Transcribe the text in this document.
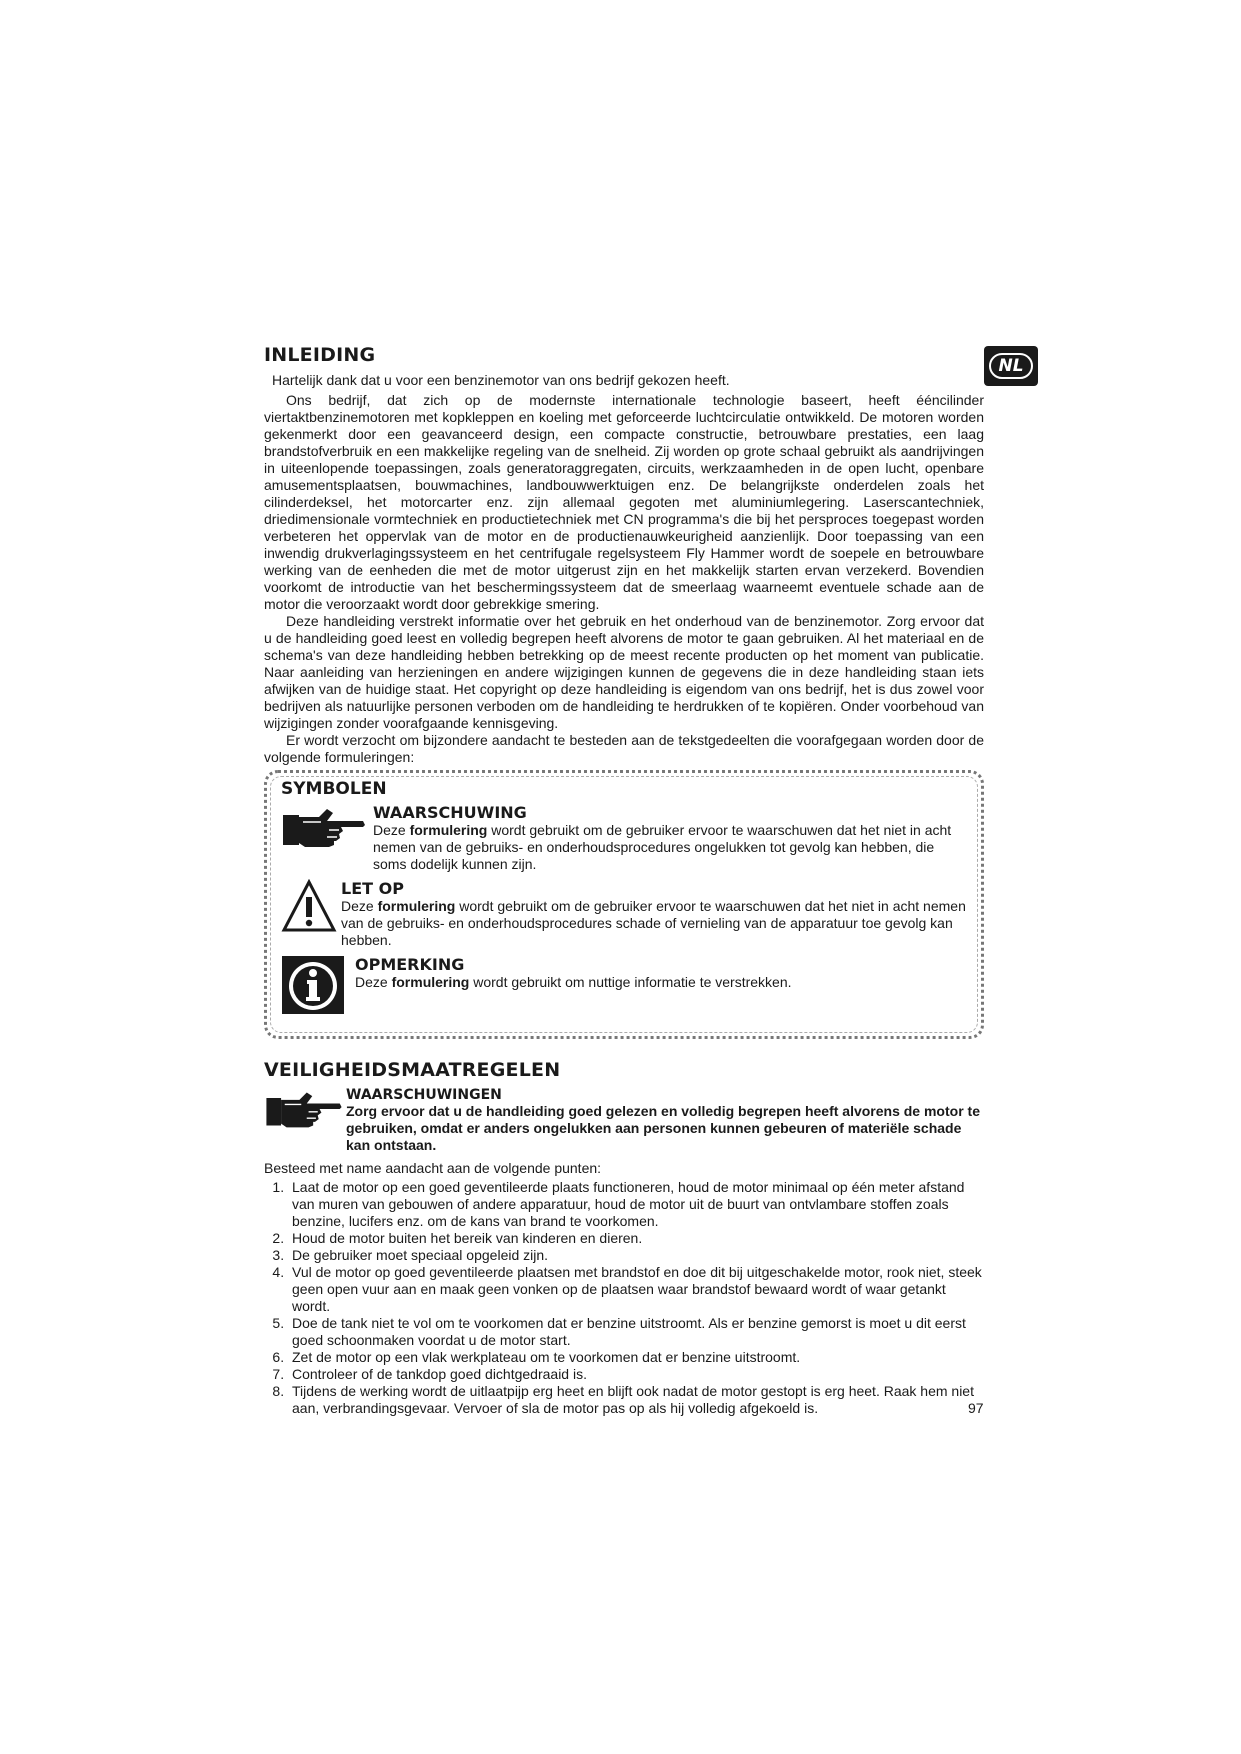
NL
INLEIDING

Hartelijk dank dat u voor een benzinemotor van ons bedrijf gekozen heeft.

Ons bedrijf, dat zich op de modernste internationale technologie baseert, heeft ééncilinder viertaktbenzinemotoren met kopkleppen en koeling met geforceerde luchtcirculatie ontwikkeld. De motoren worden gekenmerkt door een geavanceerd design, een compacte constructie, betrouwbare prestaties, een laag brandstofverbruik en een makkelijke regeling van de snelheid. Zij worden op grote schaal gebruikt als aandrijvingen in uiteenlopende toepassingen, zoals generatoraggregaten, circuits, werkzaamheden in de open lucht, openbare amusementsplaatsen, bouwmachines, landbouwwerktuigen enz. De belangrijkste onderdelen zoals het cilinderdeksel, het motorcarter enz. zijn allemaal gegoten met aluminiumlegering. Laserscantechniek, driedimensionale vormtechniek en productietechniek met CN programma's die bij het persproces toegepast worden verbeteren het oppervlak van de motor en de productienauwkeurigheid aanzienlijk. Door toepassing van een inwendig drukverlagingssysteem en het centrifugale regelsysteem Fly Hammer wordt de soepele en betrouwbare werking van de eenheden die met de motor uitgerust zijn en het makkelijk starten ervan verzekerd. Bovendien voorkomt de introductie van het beschermingssysteem dat de smeerlaag waarneemt eventuele schade aan de motor die veroorzaakt wordt door gebrekkige smering.

Deze handleiding verstrekt informatie over het gebruik en het onderhoud van de benzinemotor. Zorg ervoor dat u de handleiding goed leest en volledig begrepen heeft alvorens de motor te gaan gebruiken. Al het materiaal en de schema's van deze handleiding hebben betrekking op de meest recente producten op het moment van publicatie. Naar aanleiding van herzieningen en andere wijzigingen kunnen de gegevens die in deze handleiding staan iets afwijken van de huidige staat. Het copyright op deze handleiding is eigendom van ons bedrijf, het is dus zowel voor bedrijven als natuurlijke personen verboden om de handleiding te herdrukken of te kopiëren. Onder voorbehoud van wijzigingen zonder voorafgaande kennisgeving.

Er wordt verzocht om bijzondere aandacht te besteden aan de tekstgedeelten die voorafgegaan worden door de volgende formuleringen:

SYMBOLEN
WAARSCHUWING

Deze formulering wordt gebruikt om de gebruiker ervoor te waarschuwen dat het niet in acht nemen van de gebruiks- en onderhoudsprocedures ongelukken tot gevolg kan hebben, die soms dodelijk kunnen zijn.

LET OP

Deze formulering wordt gebruikt om de gebruiker ervoor te waarschuwen dat het niet in acht nemen van de gebruiks- en onderhoudsprocedures schade of vernieling van de apparatuur toe gevolg kan hebben.

OPMERKING

Deze formulering wordt gebruikt om nuttige informatie te verstrekken.

VEILIGHEIDSMAATREGELEN

WAARSCHUWINGEN

Zorg ervoor dat u de handleiding goed gelezen en volledig begrepen heeft alvorens de motor te gebruiken, omdat er anders ongelukken aan personen kunnen gebeuren of materiële schade kan ontstaan.

Besteed met name aandacht aan de volgende punten:

1. Laat de motor op een goed geventileerde plaats functioneren, houd de motor minimaal op één meter afstand van muren van gebouwen of andere apparatuur, houd de motor uit de buurt van ontvlambare stoffen zoals benzine, lucifers enz. om de kans van brand te voorkomen.
2. Houd de motor buiten het bereik van kinderen en dieren.
3. De gebruiker moet speciaal opgeleid zijn.
4. Vul de motor op goed geventileerde plaatsen met brandstof en doe dit bij uitgeschakelde motor, rook niet, steek geen open vuur aan en maak geen vonken op de plaatsen waar brandstof bewaard wordt of waar getankt wordt.
5. Doe de tank niet te vol om te voorkomen dat er benzine uitstroomt. Als er benzine gemorst is moet u dit eerst goed schoonmaken voordat u de motor start.
6. Zet de motor op een vlak werkplateau om te voorkomen dat er benzine uitstroomt.
7. Controleer of de tankdop goed dichtgedraaid is.
8. Tijdens de werking wordt de uitlaatpijp erg heet en blijft ook nadat de motor gestopt is erg heet. Raak hem niet aan, verbrandingsgevaar. Vervoer of sla de motor pas op als hij volledig afgekoeld is.	97
